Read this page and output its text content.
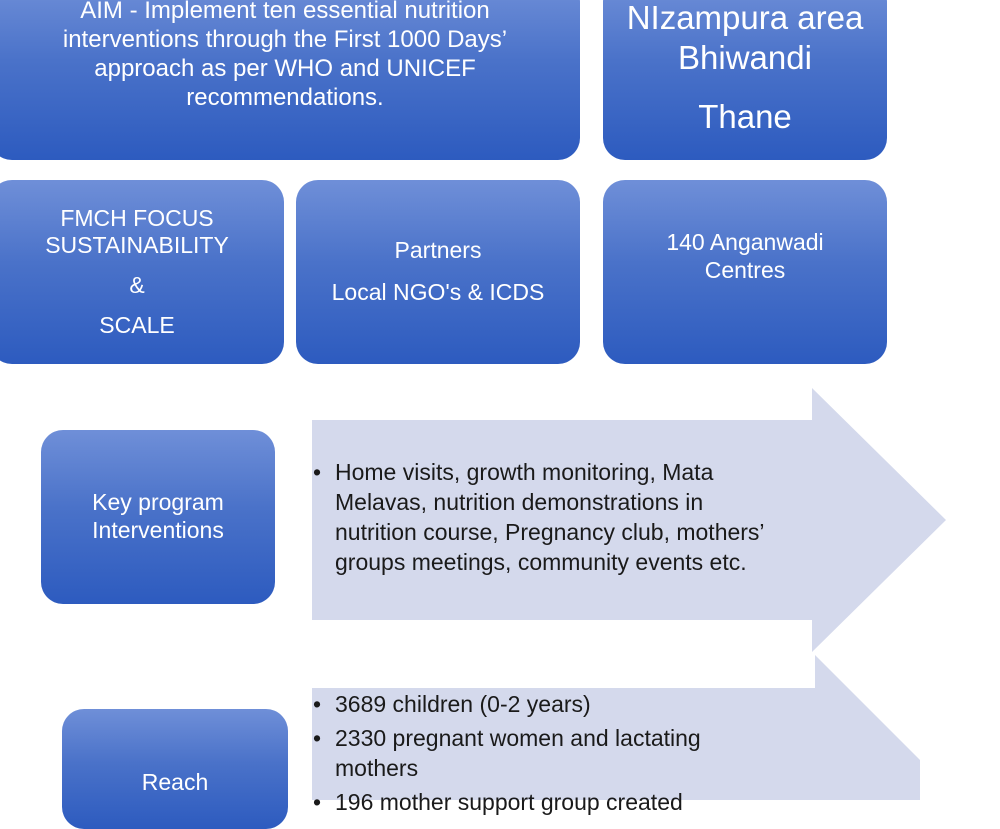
AIM - Implement ten essential nutrition
interventions through the First 1000 Days’
approach as per WHO and UNICEF
recommendations.
NIzampura area
Bhiwandi
Thane
FMCH FOCUS
SUSTAINABILITY
&
SCALE
Partners
Local NGO's & ICDS
140 Anganwadi
Centres
Key program
Interventions
• Home visits, growth monitoring, Mata Melavas, nutrition demonstrations in nutrition course, Pregnancy club, mothers’ groups meetings, community events etc.
Reach
• 3689 children (0-2 years)
• 2330 pregnant women and lactating mothers
• 196 mother support group created
